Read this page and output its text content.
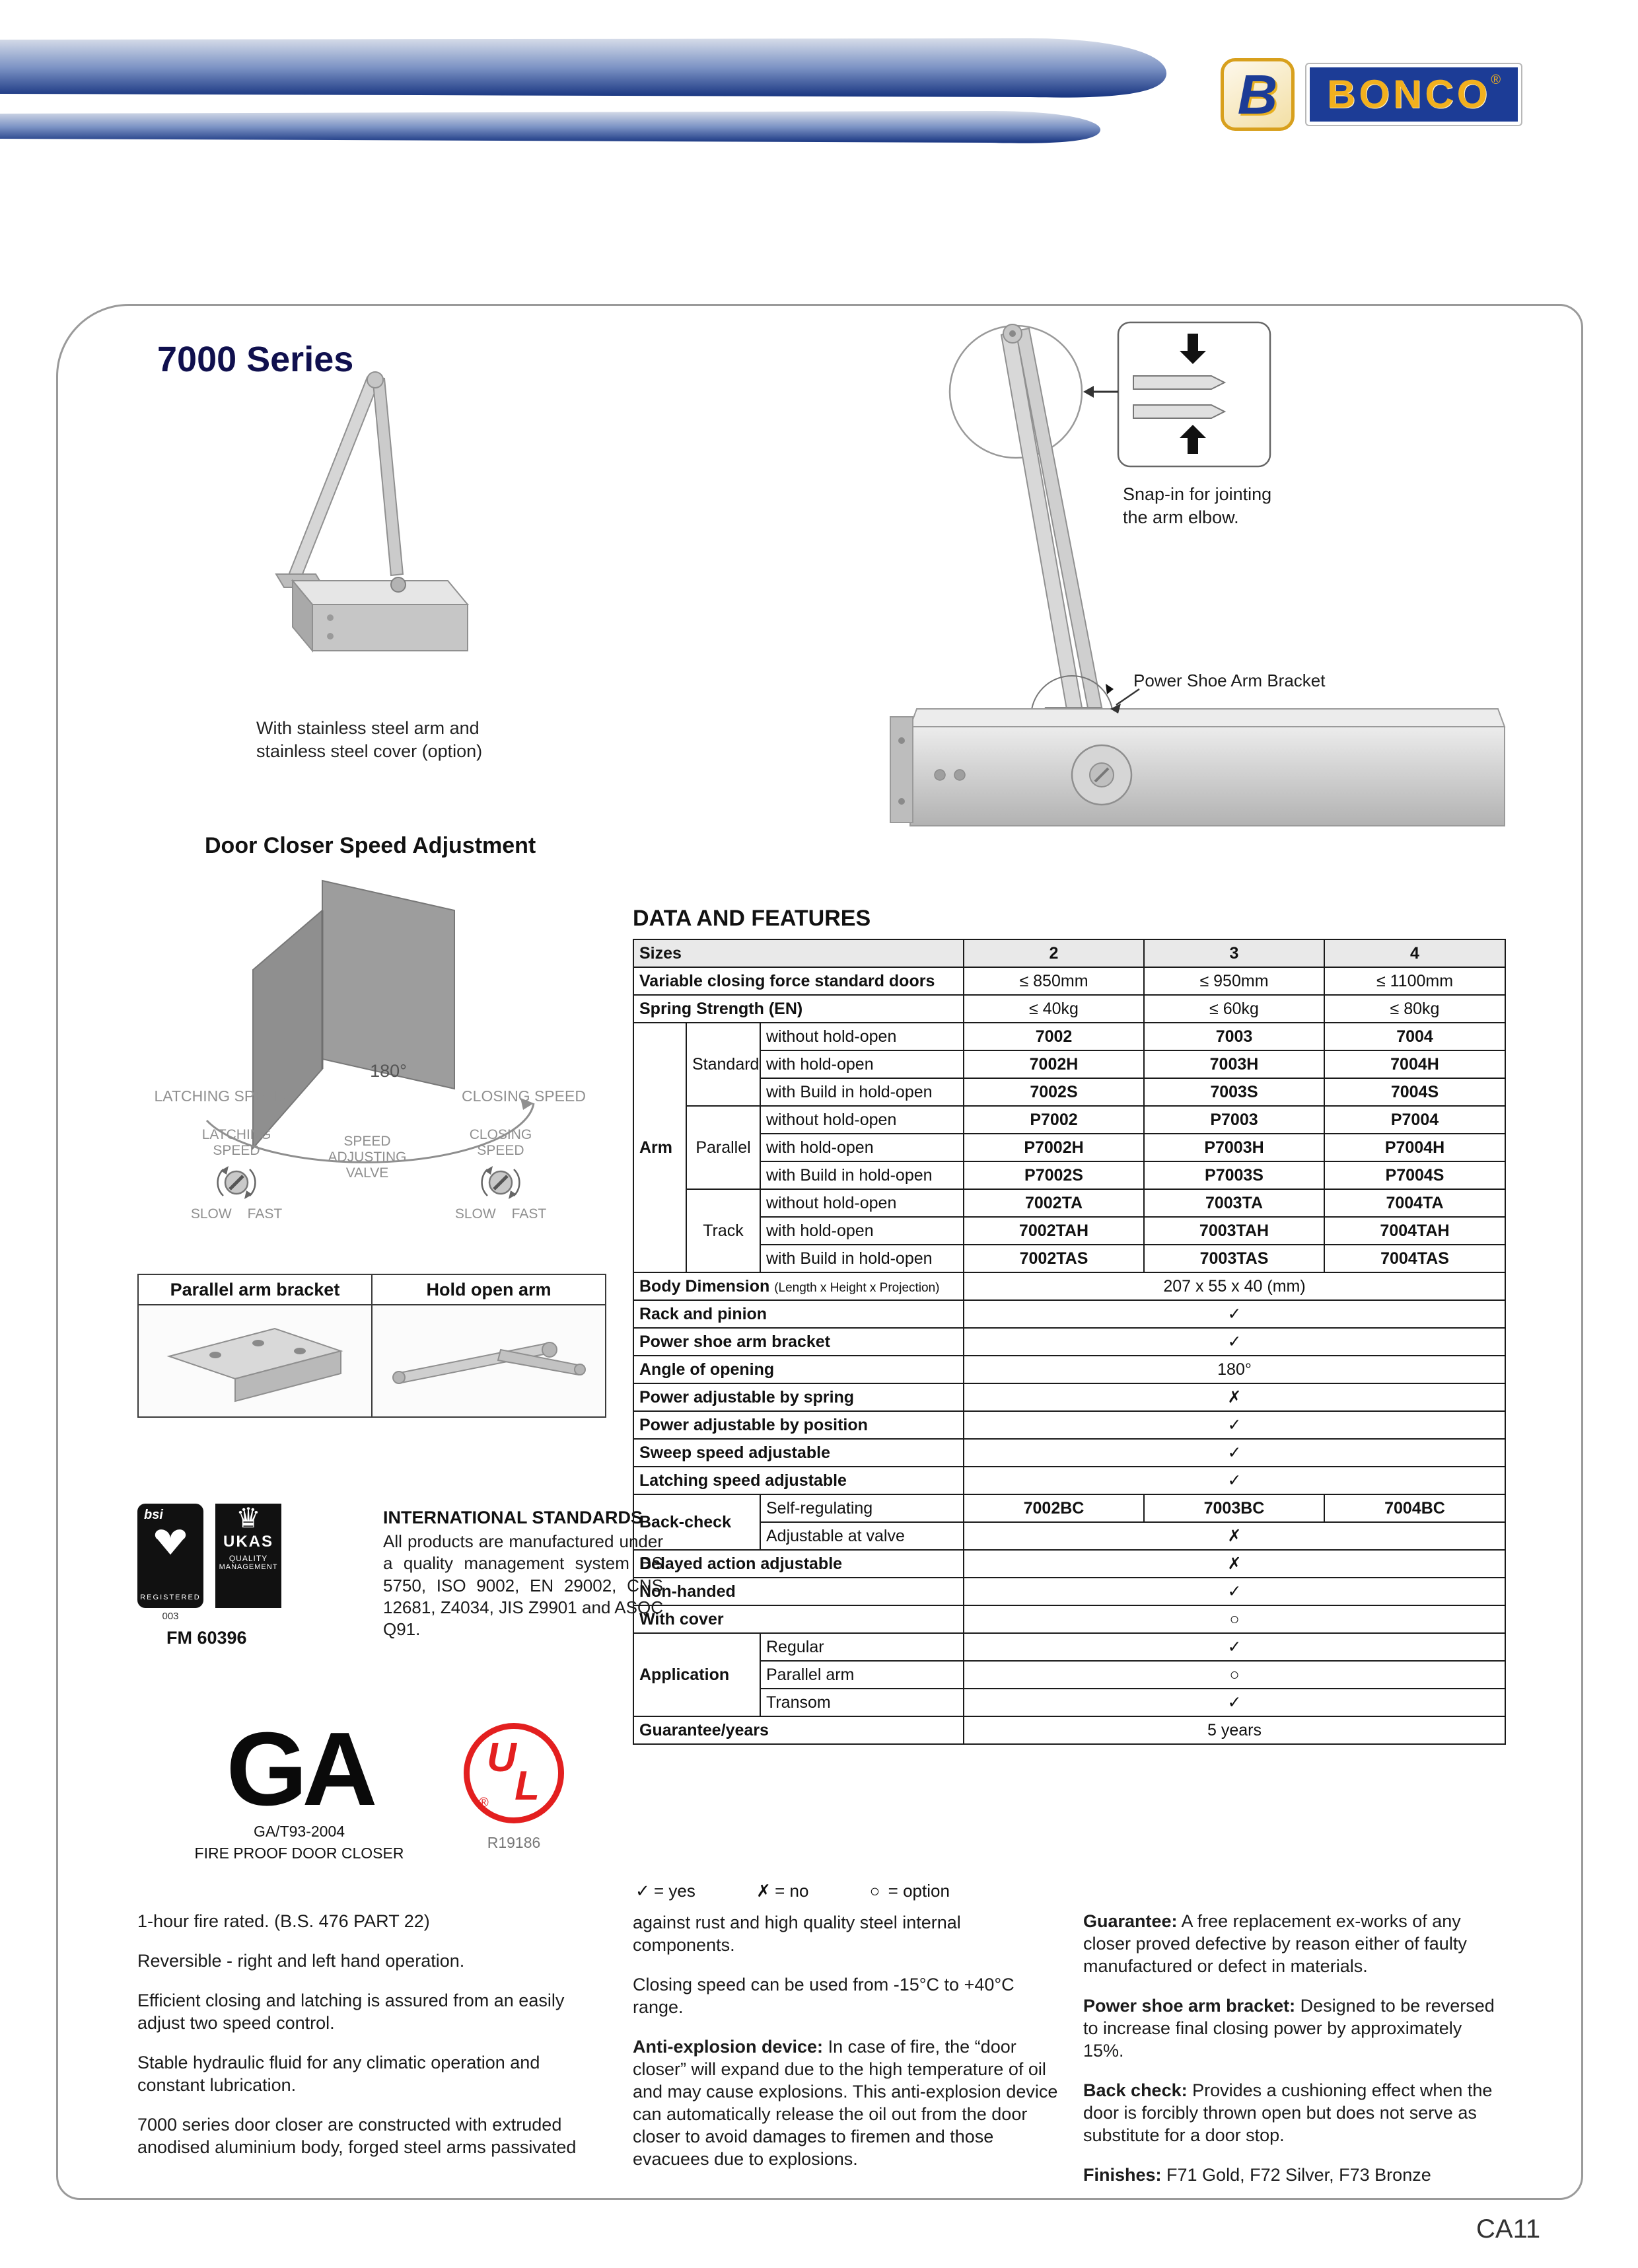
B BONCO ®
7000 Series
With stainless steel arm and stainless steel cover (option)
Door Closer Speed Adjustment
180°
LATCHING SPEED	CLOSING SPEED
LATCHING
SPEED
SLOW FAST
SPEED
ADJUSTING
VALVE
CLOSING
SPEED
SLOW FAST
Parallel arm bracket	Hold open arm

bsi
REGISTERED
003
♛
UKAS
QUALITY
MANAGEMENT
FM 60396
INTERNATIONAL STANDARDS
All products are manufactured under a quality management system BS 5750, ISO 9002, EN 29002, CNS 12681, Z4034, JIS Z9901 and ASQC Q91.
GA
GA/T93-2004
FIRE PROOF DOOR CLOSER
U
L
®
R19186
Snap-in for jointing the arm elbow.
Power Shoe Arm Bracket
DATA AND FEATURES
Sizes			2	3	4
Variable closing force standard doors			≤ 850mm	≤ 950mm	≤ 1100mm
Spring Strength (EN)			≤ 40kg	≤ 60kg	≤ 80kg
Arm	Standard	without hold-open	7002	7003	7004
		with hold-open	7002H	7003H	7004H
		with Build in hold-open	7002S	7003S	7004S
	Parallel	without hold-open	P7002	P7003	P7004
		with hold-open	P7002H	P7003H	P7004H
		with Build in hold-open	P7002S	P7003S	P7004S
	Track	without hold-open	7002TA	7003TA	7004TA
		with hold-open	7002TAH	7003TAH	7004TAH
		with Build in hold-open	7002TAS	7003TAS	7004TAS
Body Dimension (Length x Height x Projection)			207 x 55 x 40 (mm)		
Rack and pinion			✓		
Power shoe arm bracket			✓		
Angle of opening			180°		
Power adjustable by spring			✗		
Power adjustable by position			✓		
Sweep speed adjustable			✓		
Latching speed adjustable			✓		
Back-check		Self-regulating	7002BC	7003BC	7004BC
		Adjustable at valve	✗		
Delayed action adjustable			✗		
Non-handed			✓		
With cover			○		
Application		Regular	✓		
		Parallel arm	○		
		Transom	✓		
Guarantee/years			5 years		
✓ = yes	✗ = no	○ = option

1-hour fire rated. (B.S. 476 PART 22)

Reversible - right and left hand operation.

Efficient closing and latching is assured from an easily adjust two speed control.

Stable hydraulic fluid for any climatic operation and constant lubrication.

7000 series door closer are constructed with extruded anodised aluminium body, forged steel arms passivated

against rust and high quality steel internal components.

Closing speed can be used from -15°C to +40°C range.

Anti-explosion device: In case of fire, the “door closer” will expand due to the high temperature of oil and may cause explosions. This anti-explosion device can automatically release the oil out from the door closer to avoid damages to firemen and those evacuees due to explosions.

Guarantee: A free replacement ex-works of any closer proved defective by reason either of faulty manufactured or defect in materials.

Power shoe arm bracket: Designed to be reversed to increase final closing power by approximately 15%.

Back check: Provides a cushioning effect when the door is forcibly thrown open but does not serve as substitute for a door stop.

Finishes: F71 Gold, F72 Silver, F73 Bronze

CA11
